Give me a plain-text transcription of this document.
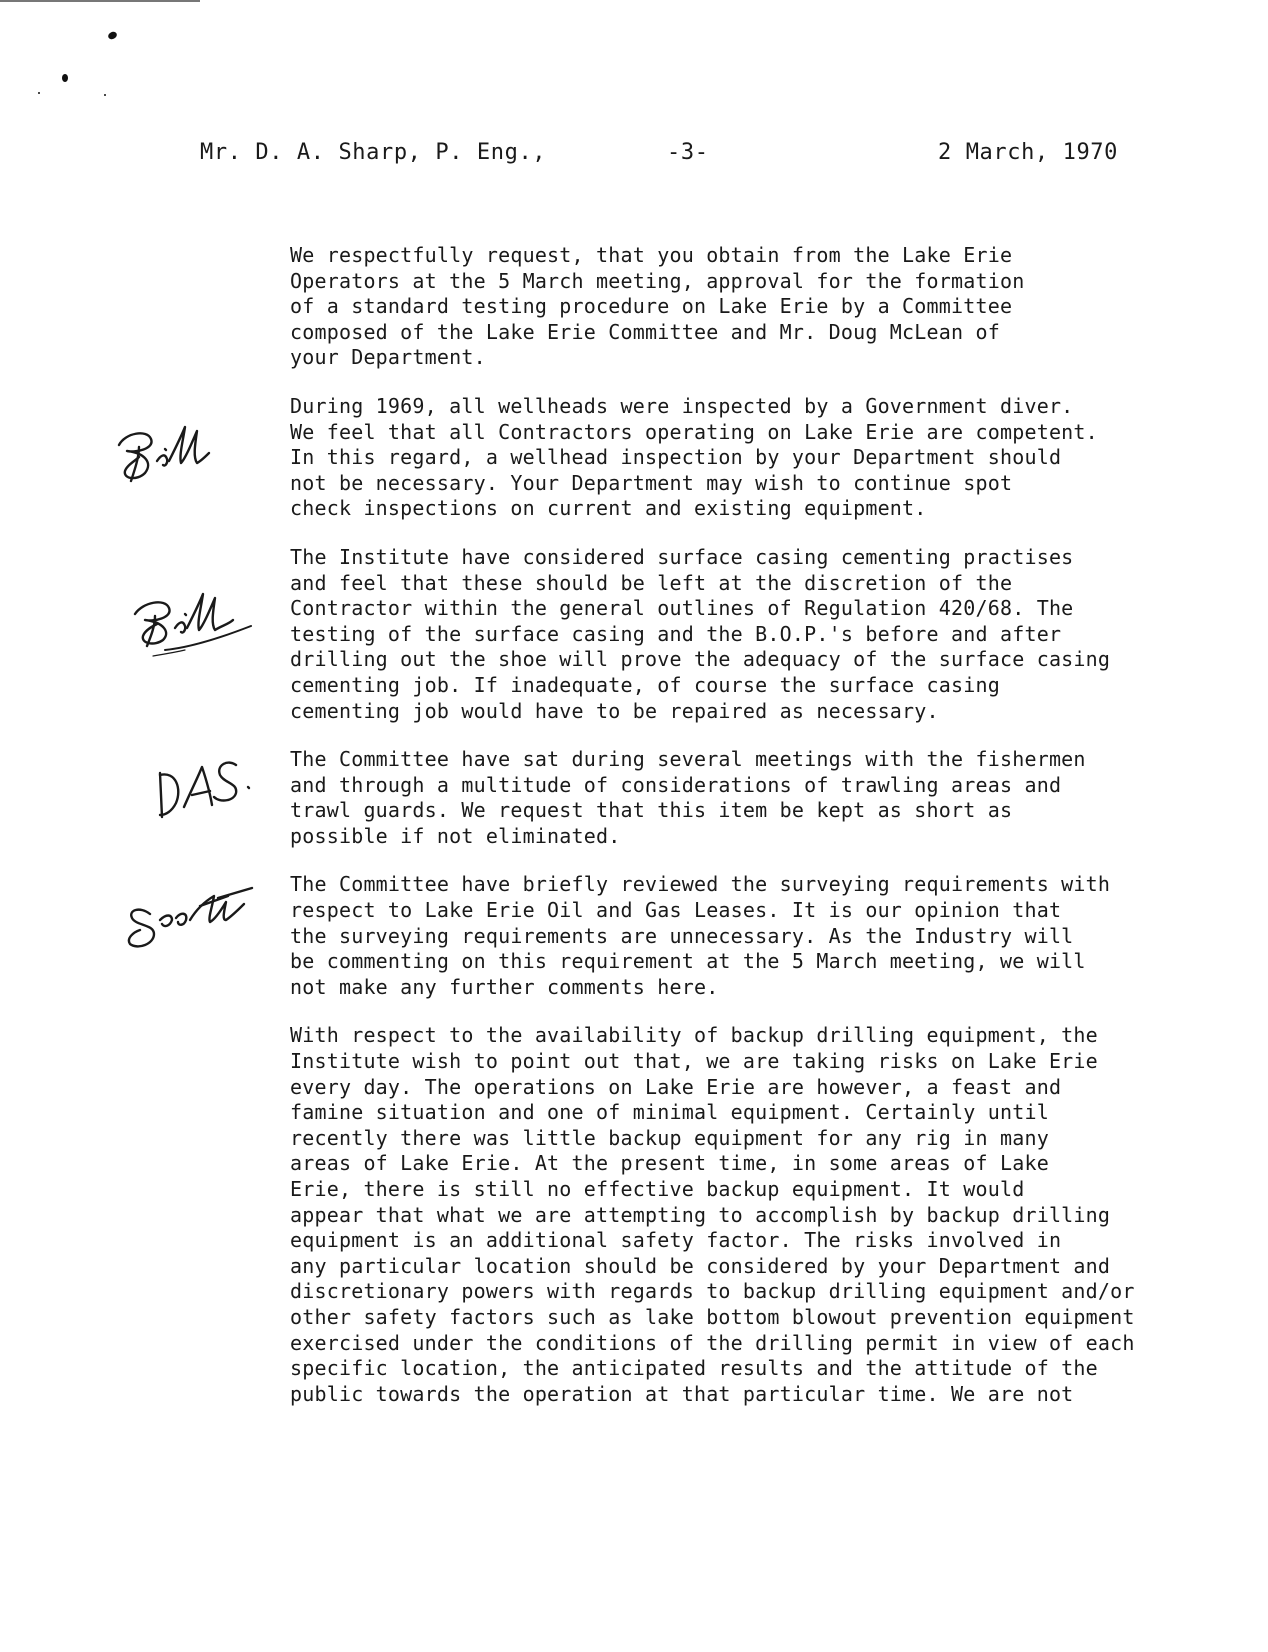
Mr. D. A. Sharp, P. Eng.,	-3-	2 March, 1970
We respectfully request, that you obtain from the Lake Erie
Operators at the 5 March meeting, approval for the formation
of a standard testing procedure on Lake Erie by a Committee
composed of the Lake Erie Committee and Mr. Doug McLean of
your Department.
During 1969, all wellheads were inspected by a Government diver.
We feel that all Contractors operating on Lake Erie are competent.
In this regard, a wellhead inspection by your Department should
not be necessary. Your Department may wish to continue spot
check inspections on current and existing equipment.
The Institute have considered surface casing cementing practises
and feel that these should be left at the discretion of the
Contractor within the general outlines of Regulation 420/68. The
testing of the surface casing and the B.O.P.'s before and after
drilling out the shoe will prove the adequacy of the surface casing
cementing job. If inadequate, of course the surface casing
cementing job would have to be repaired as necessary.
The Committee have sat during several meetings with the fishermen
and through a multitude of considerations of trawling areas and
trawl guards. We request that this item be kept as short as
possible if not eliminated.
The Committee have briefly reviewed the surveying requirements with
respect to Lake Erie Oil and Gas Leases. It is our opinion that
the surveying requirements are unnecessary. As the Industry will
be commenting on this requirement at the 5 March meeting, we will
not make any further comments here.
With respect to the availability of backup drilling equipment, the
Institute wish to point out that, we are taking risks on Lake Erie
every day. The operations on Lake Erie are however, a feast and
famine situation and one of minimal equipment. Certainly until
recently there was little backup equipment for any rig in many
areas of Lake Erie. At the present time, in some areas of Lake
Erie, there is still no effective backup equipment. It would
appear that what we are attempting to accomplish by backup drilling
equipment is an additional safety factor. The risks involved in
any particular location should be considered by your Department and
discretionary powers with regards to backup drilling equipment and/or
other safety factors such as lake bottom blowout prevention equipment
exercised under the conditions of the drilling permit in view of each
specific location, the anticipated results and the attitude of the
public towards the operation at that particular time. We are not
